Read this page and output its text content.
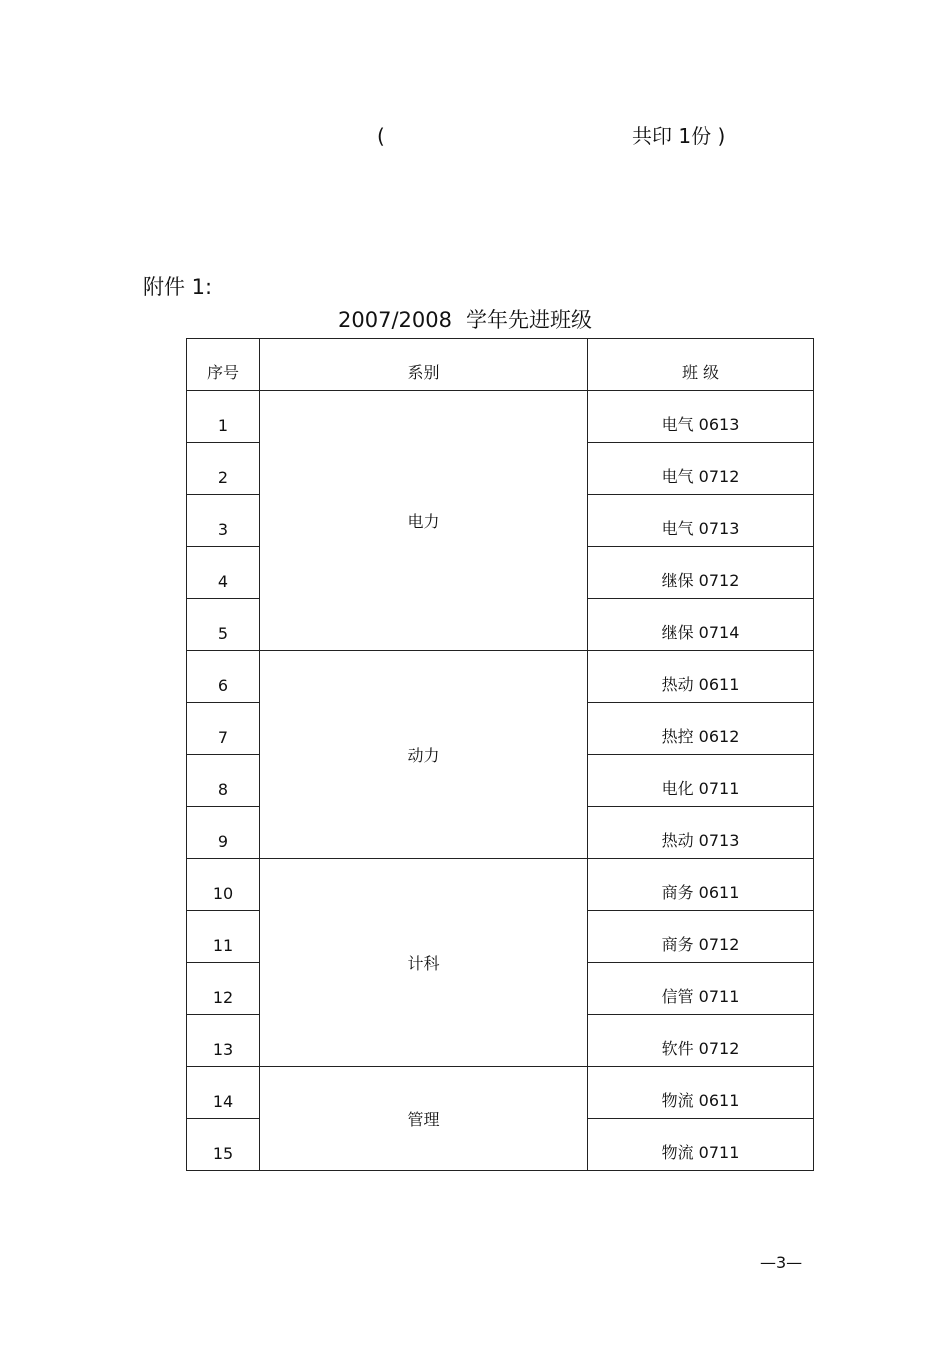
(	共印 1份 )
附件 1:
2007/2008 学年先进班级
序号	系别	班 级
1	电力	电气 0613
2		电气 0712
3		电气 0713
4		继保 0712
5		继保 0714
6	动力	热动 0611
7		热控 0612
8		电化 0711
9		热动 0713
10	计科	商务 0611
11		商务 0712
12		信管 0711
13		软件 0712
14	管理	物流 0611
15		物流 0711
—3—
